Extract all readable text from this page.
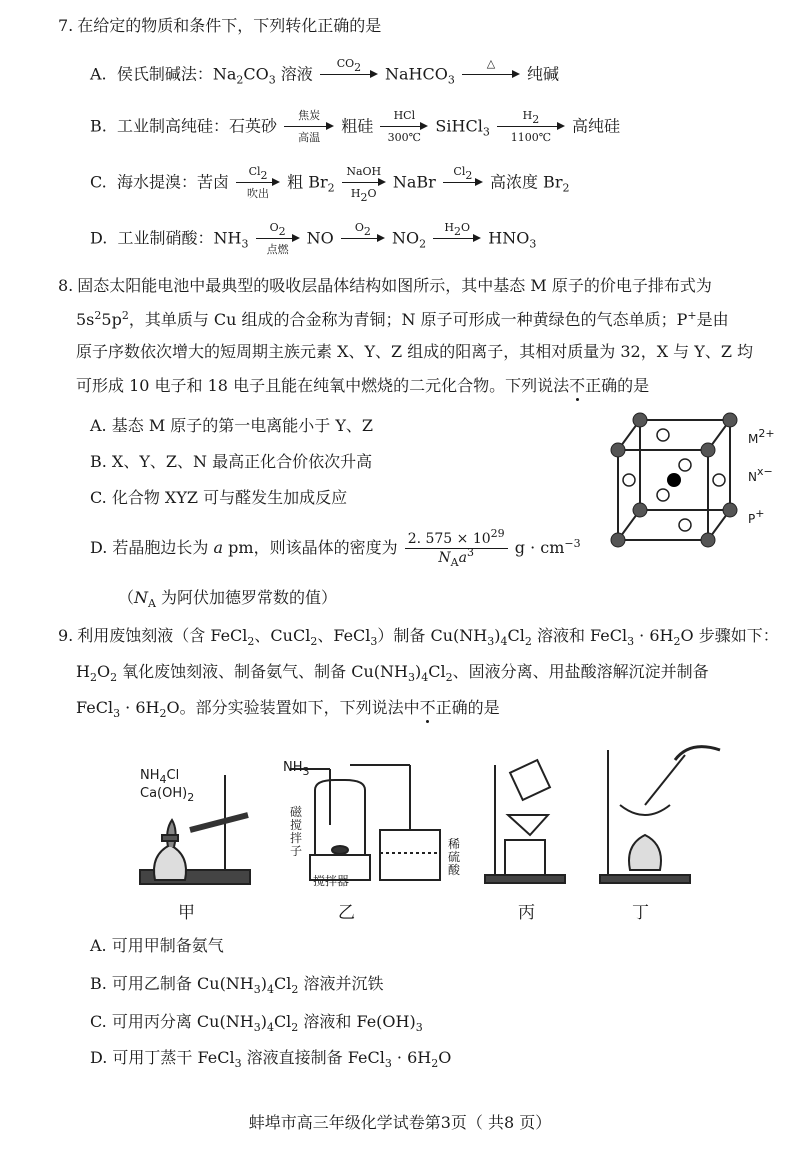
7. 在给定的物质和条件下，下列转化正确的是
A. 侯氏制碱法：$Na_2CO_3$ 溶液
$CO_2$	NaHCO$_3$
△
纯碱
B. 工业制高纯硅：石英砂
焦炭
高温
粗硅
HCl
300℃
SiHCl$_3$ $\frac{H_2}{1100℃}$ 高纯硅
C. 海水提溴：苦卤
$Cl_2$
吹出
粗 $Br_2$
NaOH
$H_2O$
NaBr
$Cl_2$	高浓度 $Br_2$
D. 工业制硝酸：$NH_3$
$O_2$
点燃
NO
$O_2$	$NO_2$
$H_2O$
$HNO_3$
8. 固态太阳能电池中最典型的吸收层晶体结构如图所示，其中基态 M 原子的价电子排布式为
$5s^25p^2$，其单质与 Cu 组成的合金称为青铜；N 原子可形成一种黄绿色的气态单质；P+是由
原子序数依次增大的短周期主族元素 X、Y、Z 组成的阳离子，其相对质量为 32，X 与 Y、Z 均
可形成 10 电子和 18 电子且能在纯氧中燃烧的二元化合物。下列说法不正确的是
A. 基态 M 原子的第一电离能小于 Y、Z
B. X、Y、Z、N 最高正化合价依次升高
C. 化合物 XYZ 可与醛发生加成反应
D. 若晶胞边长为 a pm，则该晶体的密度为 $\frac{2. 575 \times 10^{29}}{N_Aa^3}$ $g \cdot cm^{-3}$
（$N_A$ 为阿伏加德罗常数的值）
$M^{2+}$
$N^{x-}$
P+
9. 利用废蚀刻液（含 FeCl$_2$、CuCl$_2$、FeCl$_3$）制备 $Cu(NH_3)_4Cl_2$ 溶液和 FeCl$_3$ · $6H_2O$ 步骤如下：
$H_2O_2$ 氧化废蚀刻液、制备氨气、制备 $Cu(NH_3)_4Cl_2$、固液分离、用盐酸溶解沉淀并制备
FeCl$_3$ · $6H_2O$。部分实验装置如下，下列说法中不正确的是
$NH_4Cl$
$Ca(OH)_2$
$NH_3$
磁搅拌子
搅拌器
稀硫酸
甲	乙	丙	丁
A. 可用甲制备氨气
B. 可用乙制备 $Cu(NH_3)_4Cl_2$ 溶液并沉铁
C. 可用丙分离 $Cu(NH_3)_4Cl_2$ 溶液和 $Fe(OH)_3$
D. 可用丁蒸干 FeCl$_3$ 溶液直接制备 FeCl$_3$ · $6H_2O$
蚌埠市高三年级化学试卷第3页（ 共8 页）
